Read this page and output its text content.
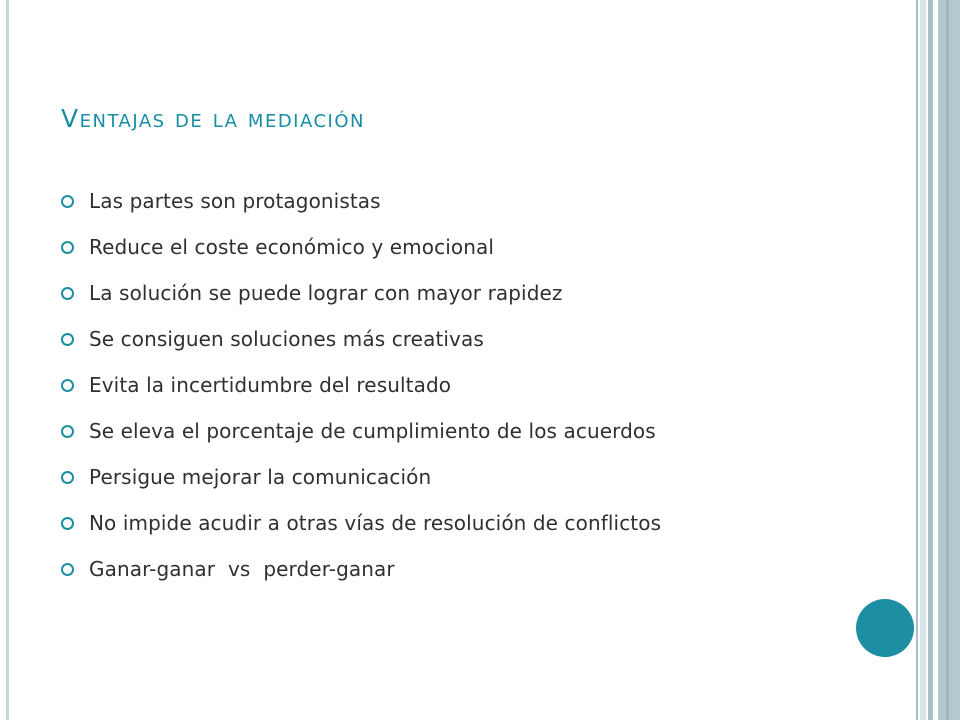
Ventajas de la mediación
Las partes son protagonistas
Reduce el coste económico y emocional
La solución se puede lograr con mayor rapidez
Se consiguen soluciones más creativas
Evita la incertidumbre del resultado
Se eleva el porcentaje de cumplimiento de los acuerdos
Persigue mejorar la comunicación
No impide acudir a otras vías de resolución de conflictos
Ganar-ganar  vs  perder-ganar
